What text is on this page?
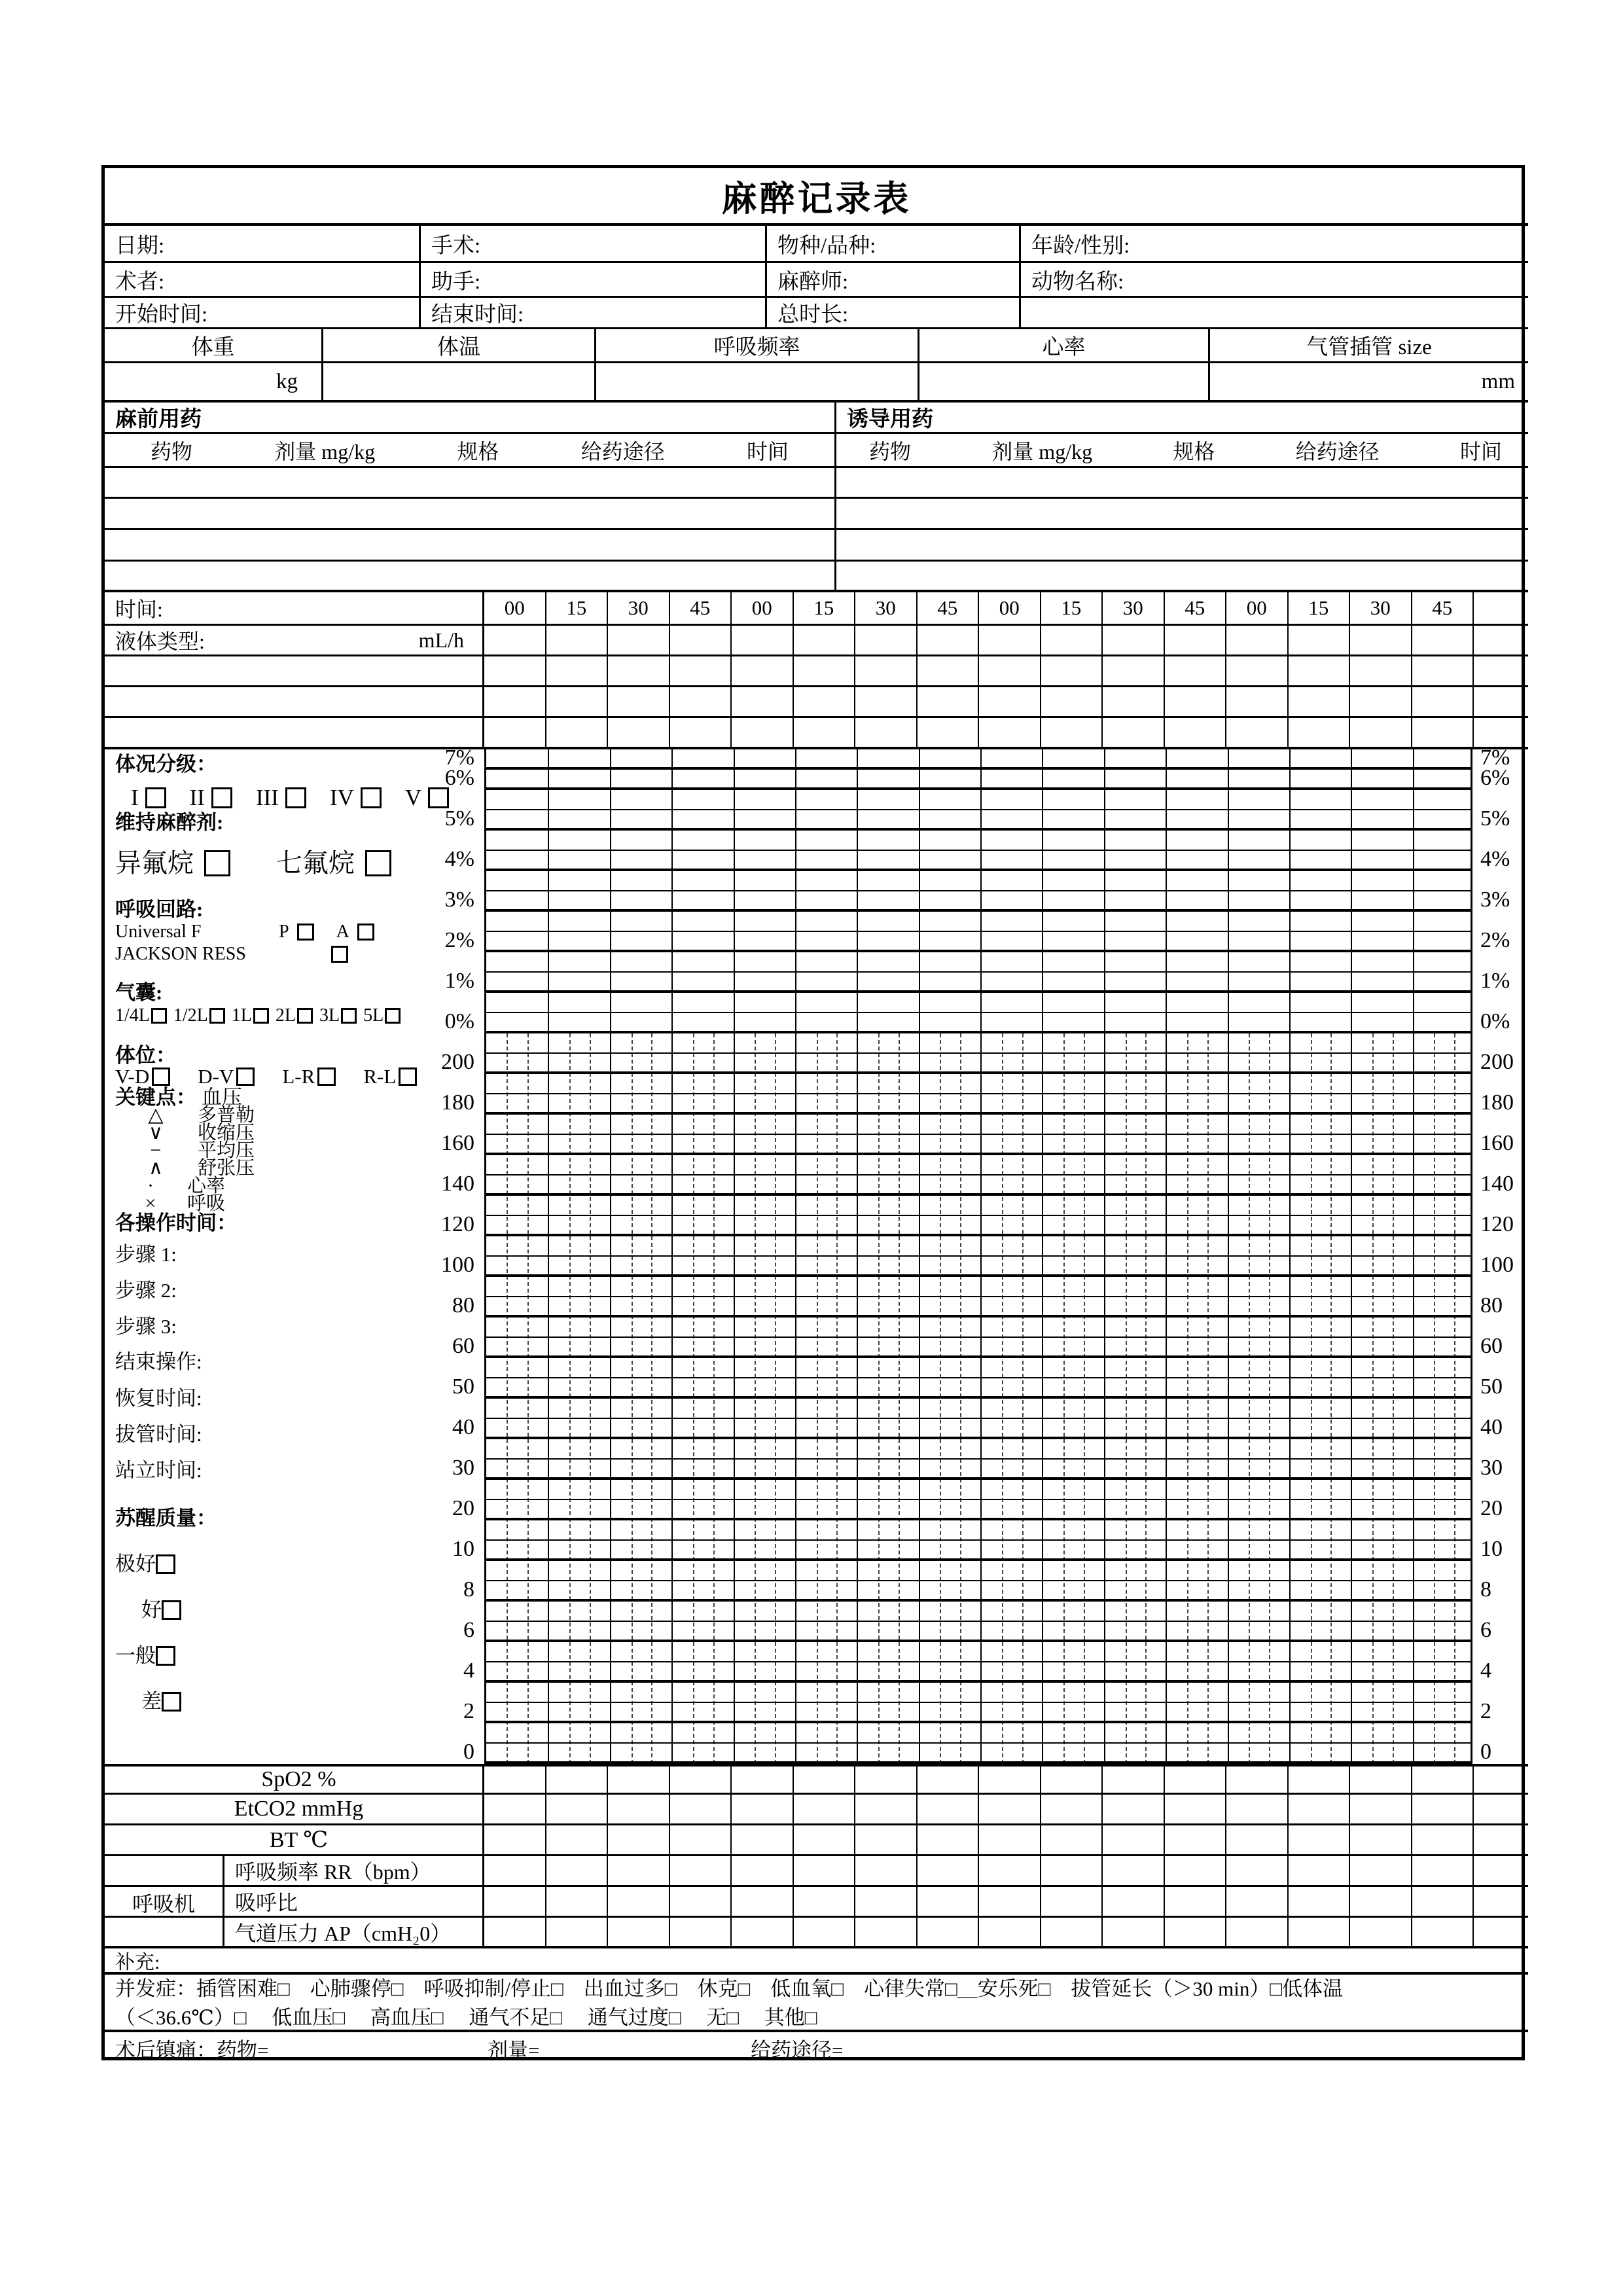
麻醉记录表
日期:	手术:	物种/品种:	年龄/性别:
术者:	助手:	麻醉师:	动物名称:
开始时间:	结束时间:	总时长:
体重	体温	呼吸频率	心率	气管插管 size
kg	mm
麻前用药	诱导用药
药物	剂量 mg/kg	规格	给药途径	时间	药物	剂量 mg/kg	规格	给药途径	时间
时间:	00	15	30	45	00	15	30	45	00	15	30	45	00	15	30	45
液体类型:	mL/h
体况分级：
I II III IV V
维持麻醉剂:
异氟烷	七氟烷
呼吸回路:
Universal F	P	A
JACKSON RESS
气囊:
1/4L 1/2L 1L 2L 3L 5L
体位：
V-D D-V L-R R-L
关键点： 血压
△	多普勒
∨	收缩压
−	平均压
∧	舒张压
·	心率
×	呼吸
各操作时间：
步骤 1:
步骤 2:
步骤 3:
结束操作:
恢复时间:
拔管时间:
站立时间:
苏醒质量：
极好
好
一般
差
SpO2 %
EtCO2 mmHg
BT ℃
呼吸机
呼吸频率 RR（bpm）
吸呼比
气道压力 AP（cmH₂0）
补充:
并发症：插管困难□　心肺骤停□　呼吸抑制/停止□　出血过多□　休克□　低血氧□　心律失常□＿安乐死□　拔管延长（＞30 min）□低体温
（＜36.6℃）□　 低血压□　 高血压□　 通气不足□　 通气过度□　 无□　 其他□
术后镇痛： 药物=	剂量=	给药途径=
7%	7%
6%	6%
5%	5%
4%	4%
3%	3%
2%	2%
1%	1%
0%	0%
200	200
180	180
160	160
140	140
120	120
100	100
80	80
60	60
50	50
40	40
30	30
20	20
10	10
8	8
6	6
4	4
2	2
0	0
